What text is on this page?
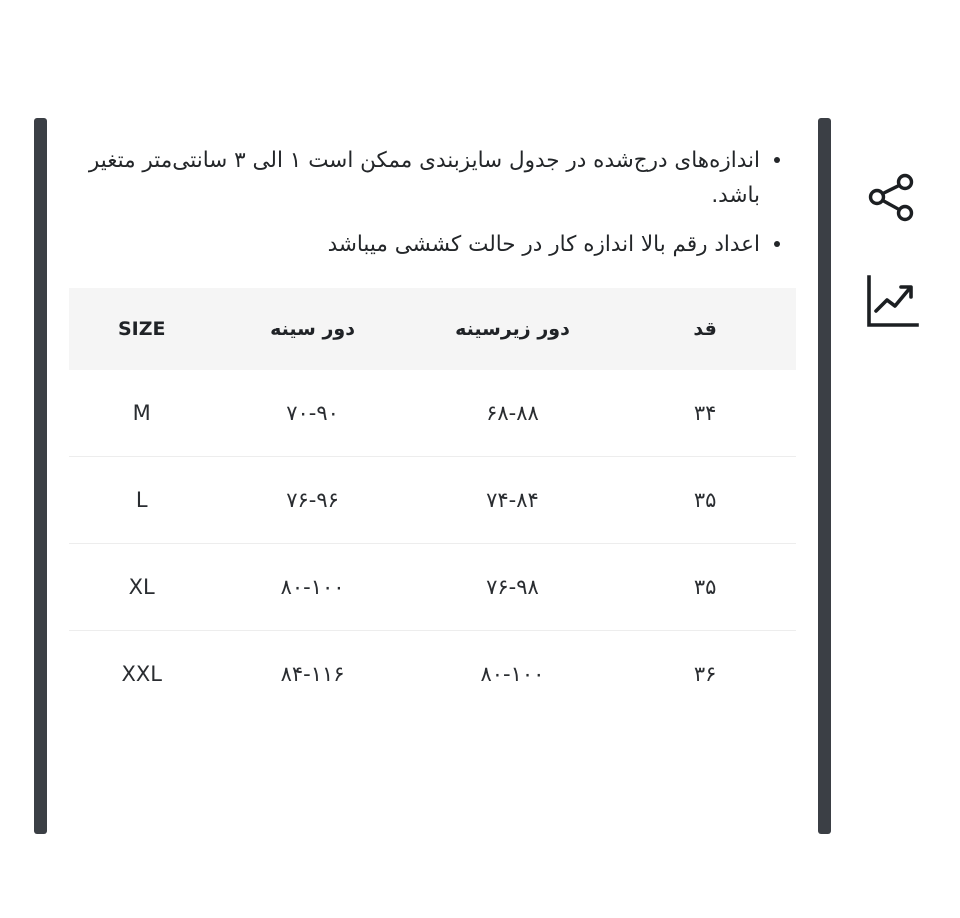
اندازه‌های درج‌شده در جدول سایزبندی ممکن است ۱ الی ۳ سانتی‌متر متغیر باشد.
اعداد رقم بالا اندازه کار در حالت کششی میباشد
قد	دور زیرسینه	دور سینه	SIZE
۳۴	۶۸-۸۸	۷۰-۹۰	M
۳۵	۷۴-۸۴	۷۶-۹۶	L
۳۵	۷۶-۹۸	۸۰-۱۰۰	XL
۳۶	۸۰-۱۰۰	۸۴-۱۱۶	XXL
